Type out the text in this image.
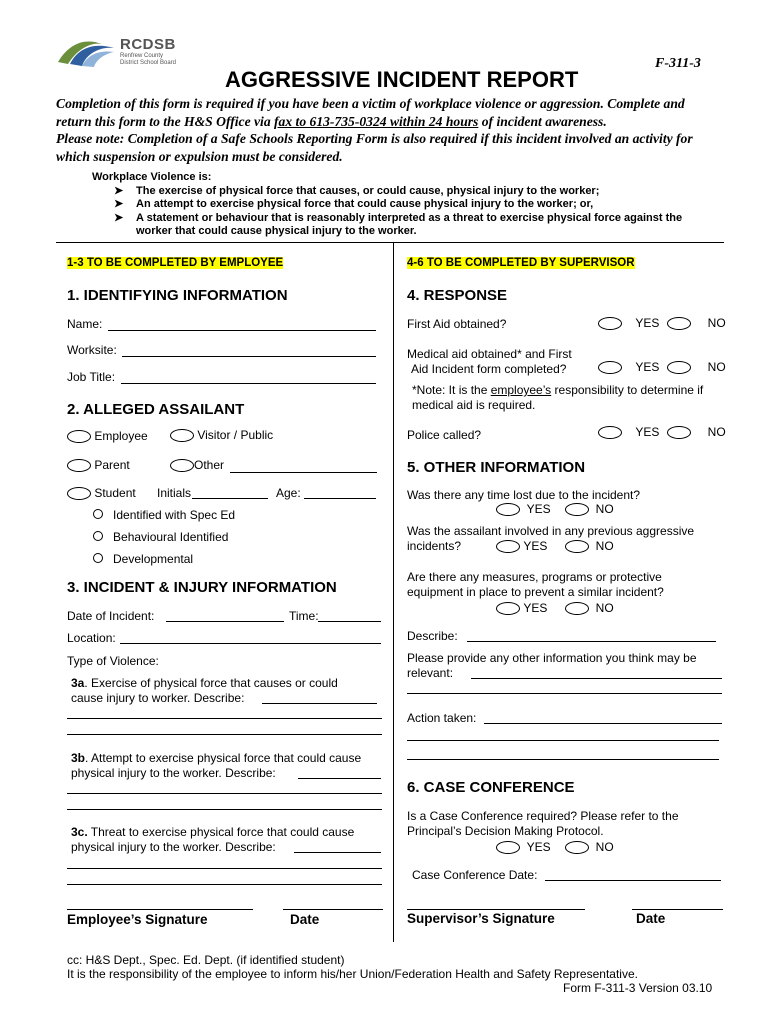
RCDSB
Renfrew County
District School Board	F-311-3
AGGRESSIVE INCIDENT REPORT
Completion of this form is required if you have been a victim of workplace violence or aggression. Complete and return this form to the H&S Office via fax to 613-735-0324 within 24 hours of incident awareness.
Please note: Completion of a Safe Schools Reporting Form is also required if this incident involved an activity for which suspension or expulsion must be considered.
Workplace Violence is:
➤	The exercise of physical force that causes, or could cause, physical injury to the worker;
➤	An attempt to exercise physical force that could cause physical injury to the worker; or,
➤	A statement or behaviour that is reasonably interpreted as a threat to exercise physical force against the worker that could cause physical injury to the worker.
1-3 TO BE COMPLETED BY EMPLOYEE
1. IDENTIFYING INFORMATION
Name:
Worksite:
Job Title:
2. ALLEGED ASSAILANT
Employee	Visitor / Public
Parent	Other
Student Initials	Age:
Identified with Spec Ed
Behavioural Identified
Developmental
3. INCIDENT & INJURY INFORMATION
Date of Incident:	Time:
Location:
Type of Violence:
3a. Exercise of physical force that causes or could cause injury to worker. Describe:
3b. Attempt to exercise physical force that could cause physical injury to the worker. Describe:
3c. Threat to exercise physical force that could cause physical injury to the worker. Describe:
Employee’s Signature	Date
4-6 TO BE COMPLETED BY SUPERVISOR
4. RESPONSE
First Aid obtained?	YES	NO
Medical aid obtained* and First
Aid Incident form completed?	YES	NO
*Note: It is the employee’s responsibility to determine if medical aid is required.
Police called?	YES	NO
5. OTHER INFORMATION
Was there any time lost due to the incident?
YES	NO
Was the assailant involved in any previous aggressive incidents?	YES	NO
Are there any measures, programs or protective equipment in place to prevent a similar incident?
YES	NO
Describe:
Please provide any other information you think may be relevant:
Action taken:
6. CASE CONFERENCE
Is a Case Conference required? Please refer to the Principal’s Decision Making Protocol.
YES	NO
Case Conference Date:
Supervisor’s Signature	Date
cc: H&S Dept., Spec. Ed. Dept. (if identified student)
It is the responsibility of the employee to inform his/her Union/Federation Health and Safety Representative.
Form F-311-3 Version 03.10
